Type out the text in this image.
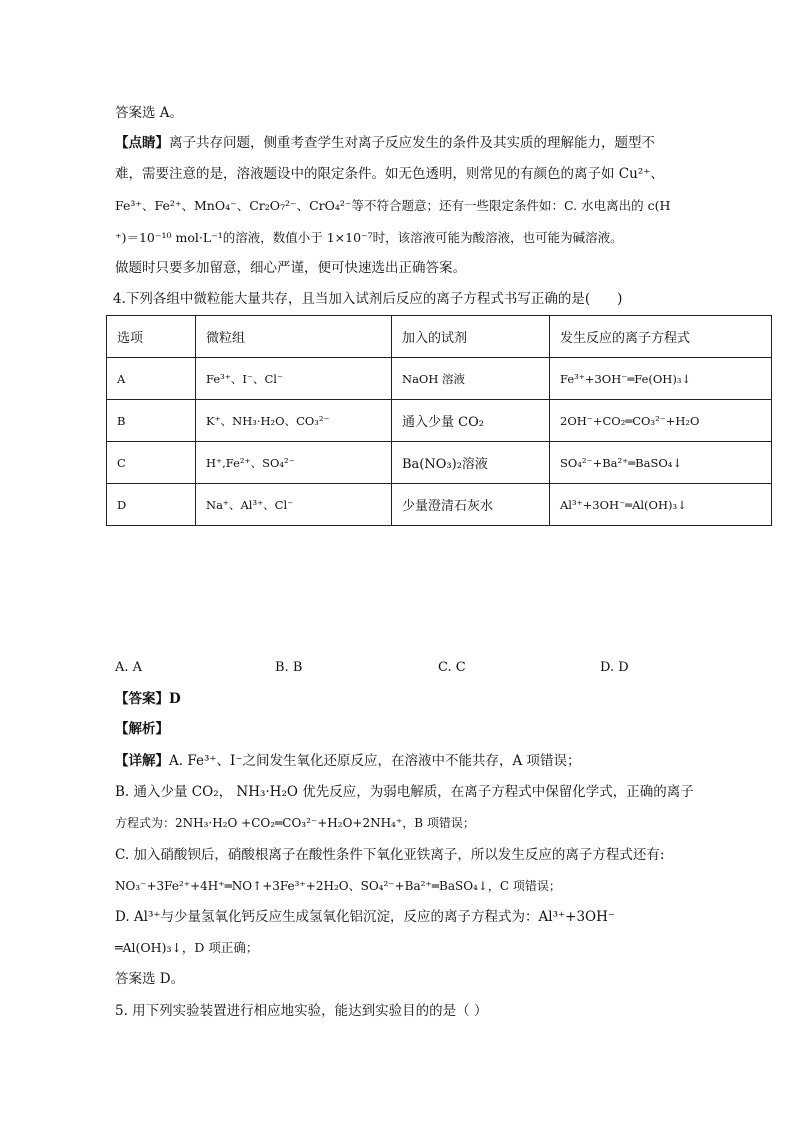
答案选 A。
【点睛】离子共存问题，侧重考查学生对离子反应发生的条件及其实质的理解能力，题型不
难，需要注意的是，溶液题设中的限定条件。如无色透明，则常见的有颜色的离子如 Cu²⁺、
Fe³⁺、Fe²⁺、MnO₄⁻、Cr₂O₇²⁻、CrO₄²⁻等不符合题意；还有一些限定条件如：C. 水电离出的 c(H
⁺)＝10⁻¹⁰ mol·L⁻¹的溶液，数值小于 1×10⁻⁷时，该溶液可能为酸溶液，也可能为碱溶液。
做题时只要多加留意，细心严谨，便可快速选出正确答案。
4.下列各组中微粒能大量共存，且当加入试剂后反应的离子方程式书写正确的是(　　)
选项	微粒组	加入的试剂	发生反应的离子方程式
A	Fe³⁺、I⁻、Cl⁻	NaOH 溶液	Fe³⁺+3OH⁻═Fe(OH)₃↓
B	K⁺、NH₃·H₂O、CO₃²⁻	通入少量 CO₂	2OH⁻+CO₂═CO₃²⁻+H₂O
C	H⁺,Fe²⁺、SO₄²⁻	Ba(NO₃)₂溶液	SO₄²⁻+Ba²⁺═BaSO₄↓
D	Na⁺、Al³⁺、Cl⁻	少量澄清石灰水	Al³⁺+3OH⁻═Al(OH)₃↓
A. A	B. B	C. C	D. D
【答案】D
【解析】
【详解】A. Fe³⁺、I⁻之间发生氧化还原反应，在溶液中不能共存，A 项错误；
B. 通入少量 CO₂， NH₃·H₂O 优先反应，为弱电解质，在离子方程式中保留化学式，正确的离子
方程式为：2NH₃·H₂O +CO₂═CO₃²⁻+H₂O+2NH₄⁺，B 项错误；
C. 加入硝酸钡后，硝酸根离子在酸性条件下氧化亚铁离子，所以发生反应的离子方程式还有:
NO₃⁻+3Fe²⁺+4H⁺═NO↑+3Fe³⁺+2H₂O、SO₄²⁻+Ba²⁺═BaSO₄↓，C 项错误；
D. Al³⁺与少量氢氧化钙反应生成氢氧化铝沉淀，反应的离子方程式为：Al³⁺+3OH⁻
═Al(OH)₃↓，D 项正确；
答案选 D。
5. 用下列实验装置进行相应地实验，能达到实验目的的是（ ）
